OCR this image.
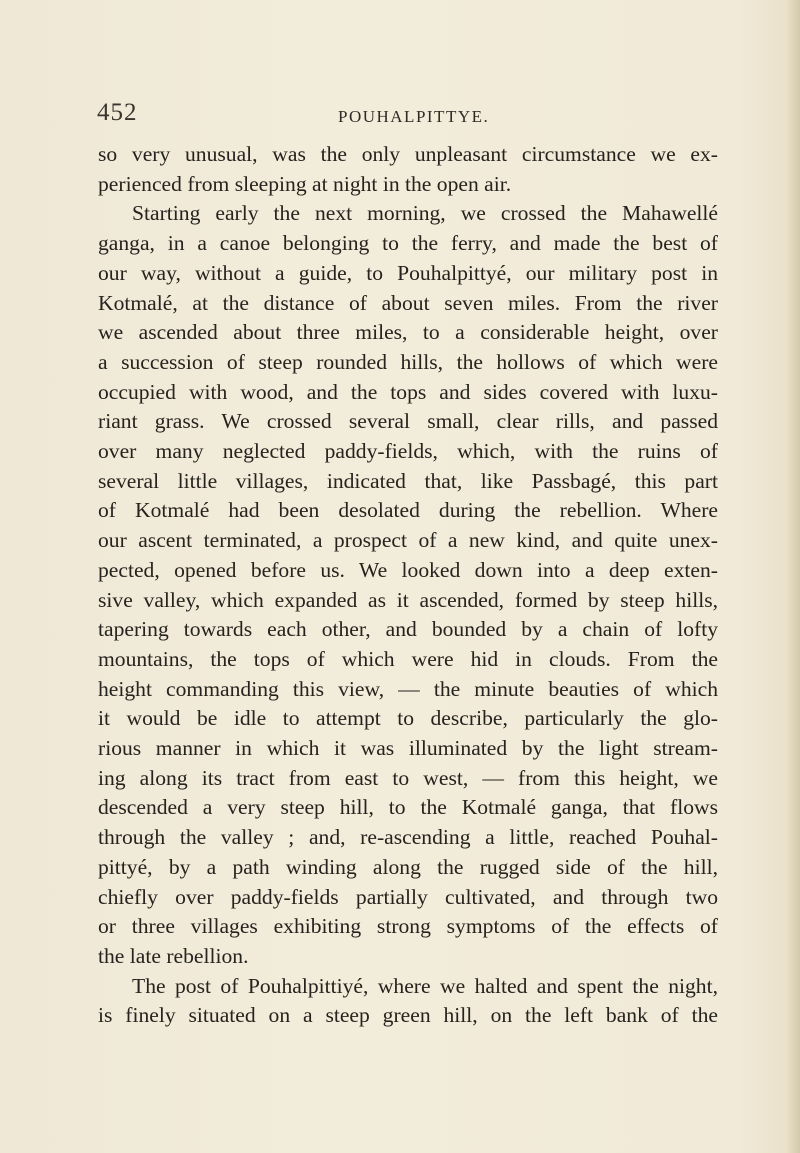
452	POUHALPITTYE.

so very unusual, was the only unpleasant circumstance we ex-

perienced from sleeping at night in the open air.

Starting early the next morning, we crossed the Mahawellé

ganga, in a canoe belonging to the ferry, and made the best of

our way, without a guide, to Pouhalpittyé, our military post in

Kotmalé, at the distance of about seven miles. From the river

we ascended about three miles, to a considerable height, over

a succession of steep rounded hills, the hollows of which were

occupied with wood, and the tops and sides covered with luxu-

riant grass. We crossed several small, clear rills, and passed

over many neglected paddy-fields, which, with the ruins of

several little villages, indicated that, like Passbagé, this part

of Kotmalé had been desolated during the rebellion. Where

our ascent terminated, a prospect of a new kind, and quite unex-

pected, opened before us. We looked down into a deep exten-

sive valley, which expanded as it ascended, formed by steep hills,

tapering towards each other, and bounded by a chain of lofty

mountains, the tops of which were hid in clouds. From the

height commanding this view, — the minute beauties of which

it would be idle to attempt to describe, particularly the glo-

rious manner in which it was illuminated by the light stream-

ing along its tract from east to west, — from this height, we

descended a very steep hill, to the Kotmalé ganga, that flows

through the valley ; and, re-ascending a little, reached Pouhal-

pittyé, by a path winding along the rugged side of the hill,

chiefly over paddy-fields partially cultivated, and through two

or three villages exhibiting strong symptoms of the effects of

the late rebellion.

The post of Pouhalpittiyé, where we halted and spent the night,

is finely situated on a steep green hill, on the left bank of the
